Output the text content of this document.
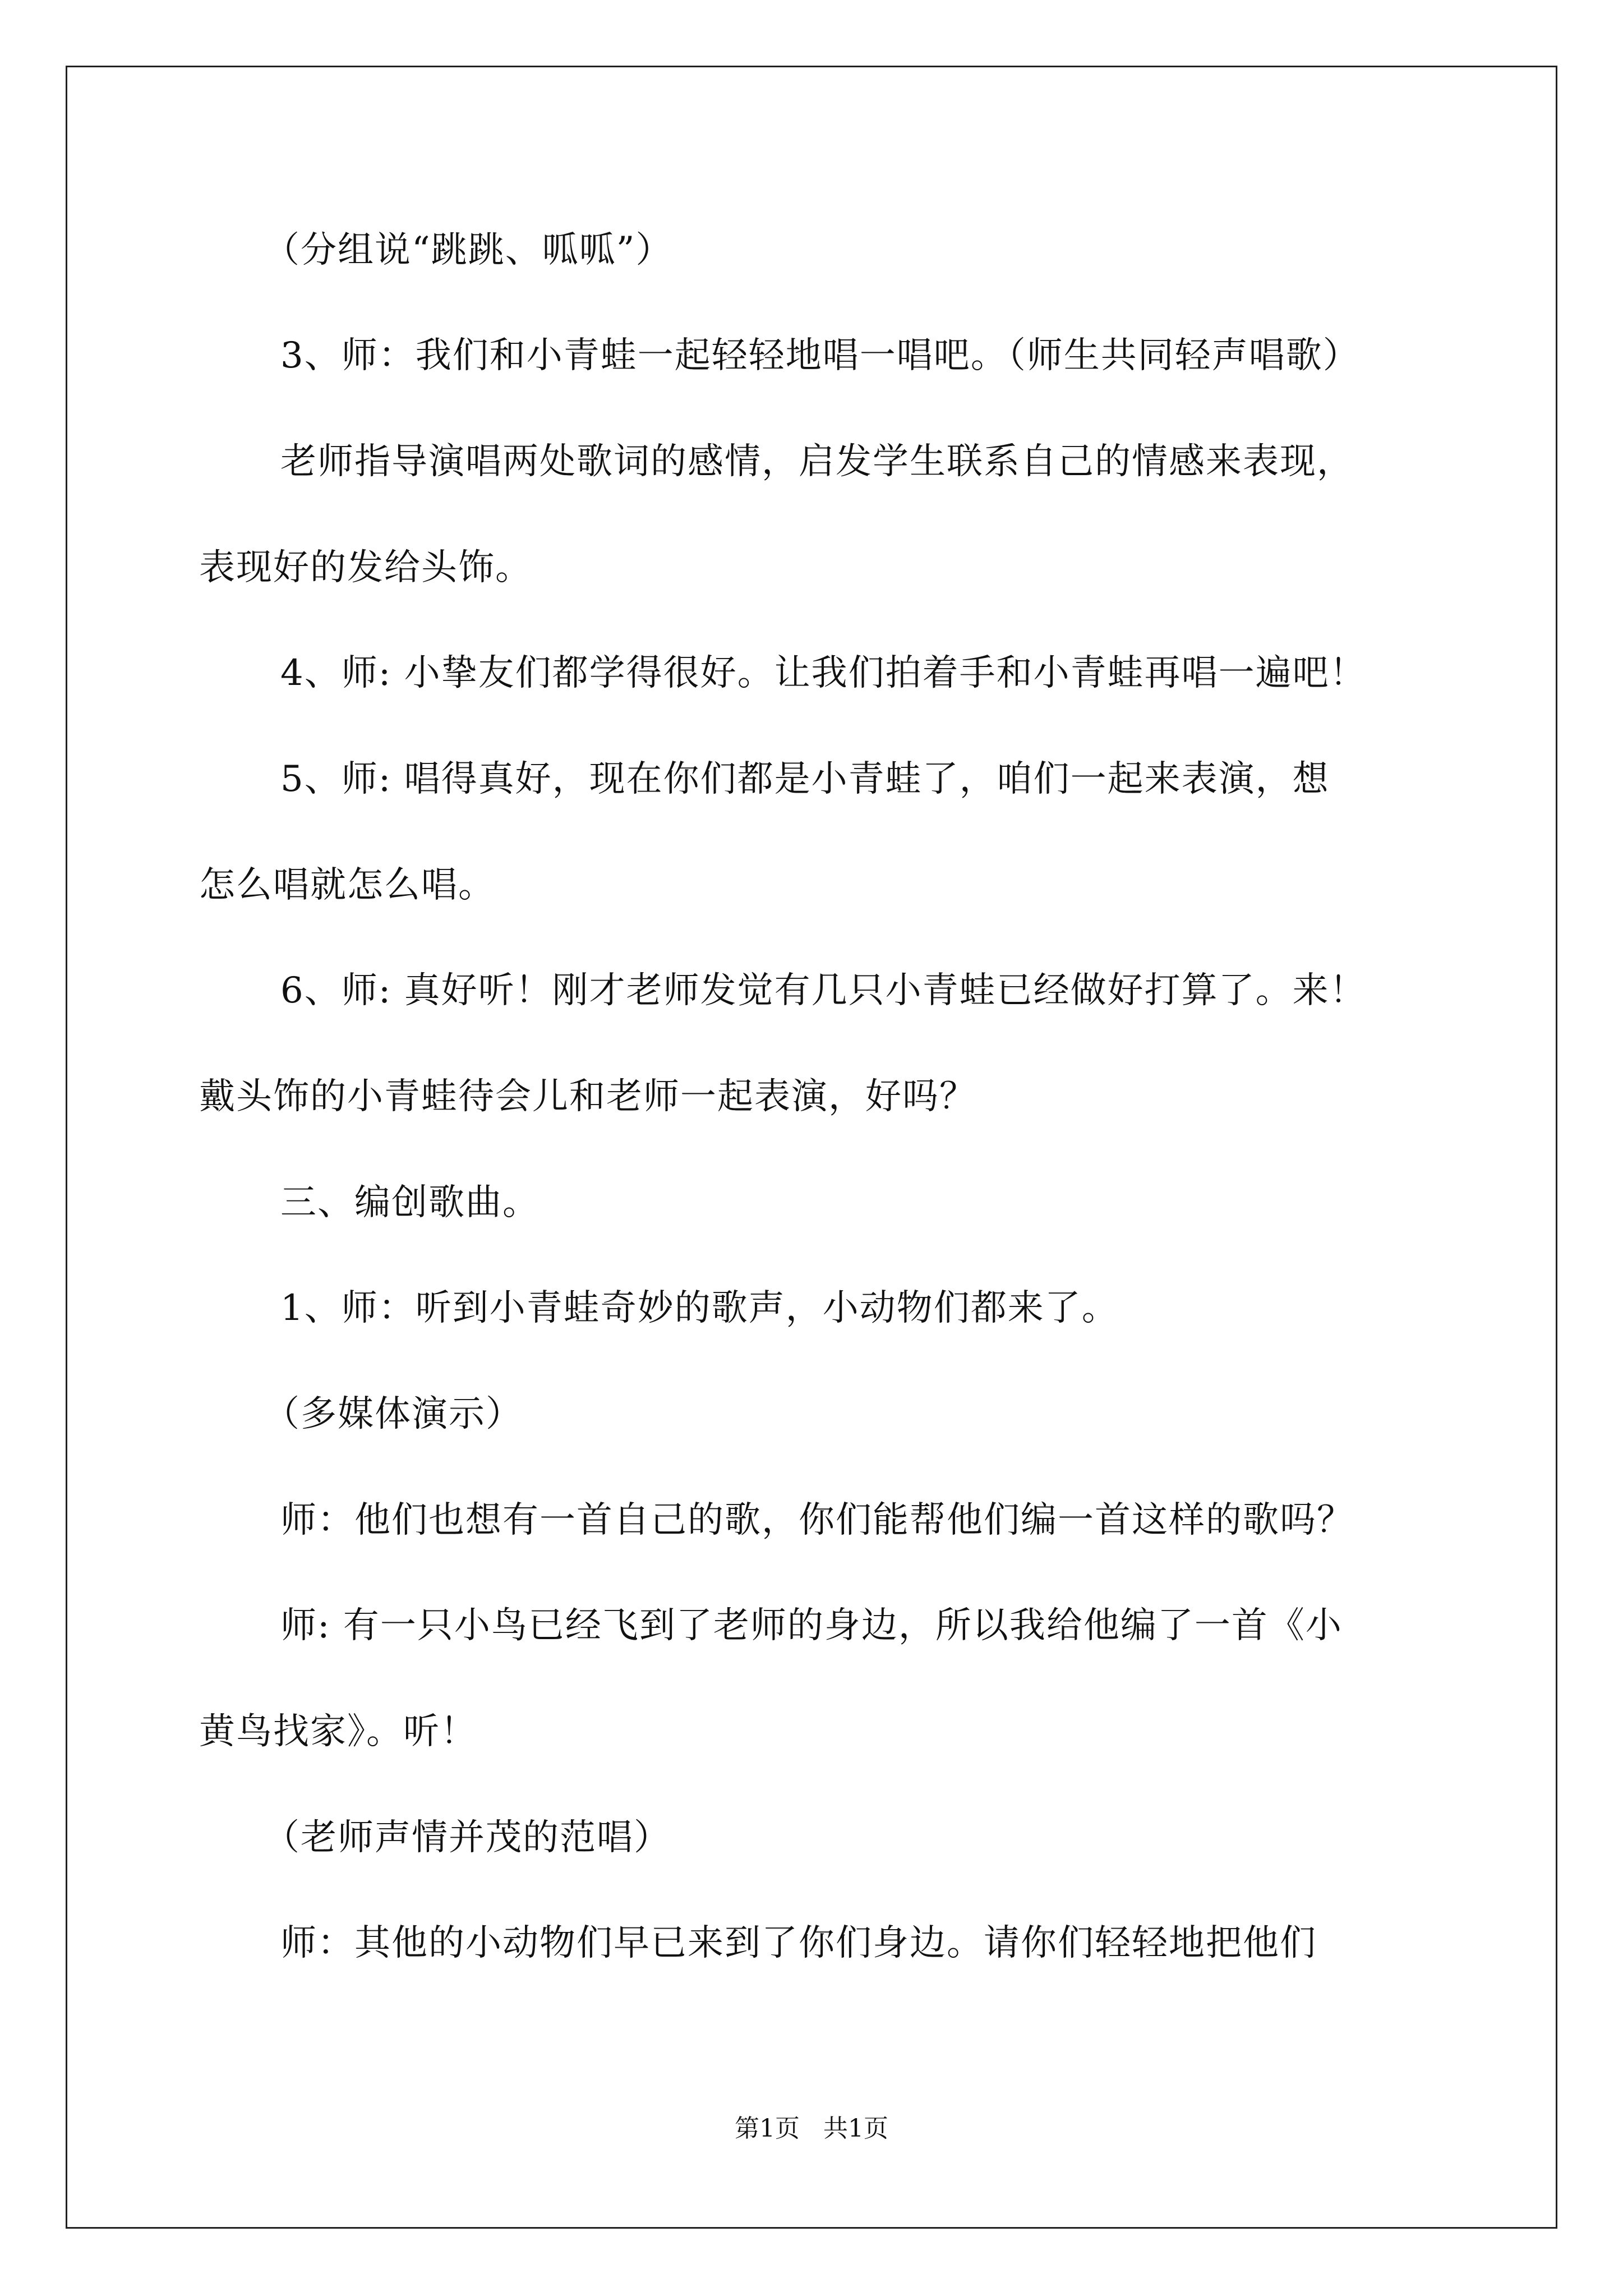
（分组说“跳跳、呱呱”）
3、师：我们和小青蛙一起轻轻地唱一唱吧。（师生共同轻声唱歌）
老师指导演唱两处歌词的感情，启发学生联系自己的情感来表现，
表现好的发给头饰。
4、师: 小挚友们都学得很好。让我们拍着手和小青蛙再唱一遍吧！
5、师: 唱得真好，现在你们都是小青蛙了，咱们一起来表演，想
怎么唱就怎么唱。
6、师: 真好听！刚才老师发觉有几只小青蛙已经做好打算了。来！
戴头饰的小青蛙待会儿和老师一起表演，好吗？
三、编创歌曲。
1、师：听到小青蛙奇妙的歌声，小动物们都来了。
（多媒体演示）
师：他们也想有一首自己的歌，你们能帮他们编一首这样的歌吗？
师: 有一只小鸟已经飞到了老师的身边，所以我给他编了一首《小
黄鸟找家》。听！
（老师声情并茂的范唱）
师：其他的小动物们早已来到了你们身边。请你们轻轻地把他们
第1页   共1页
